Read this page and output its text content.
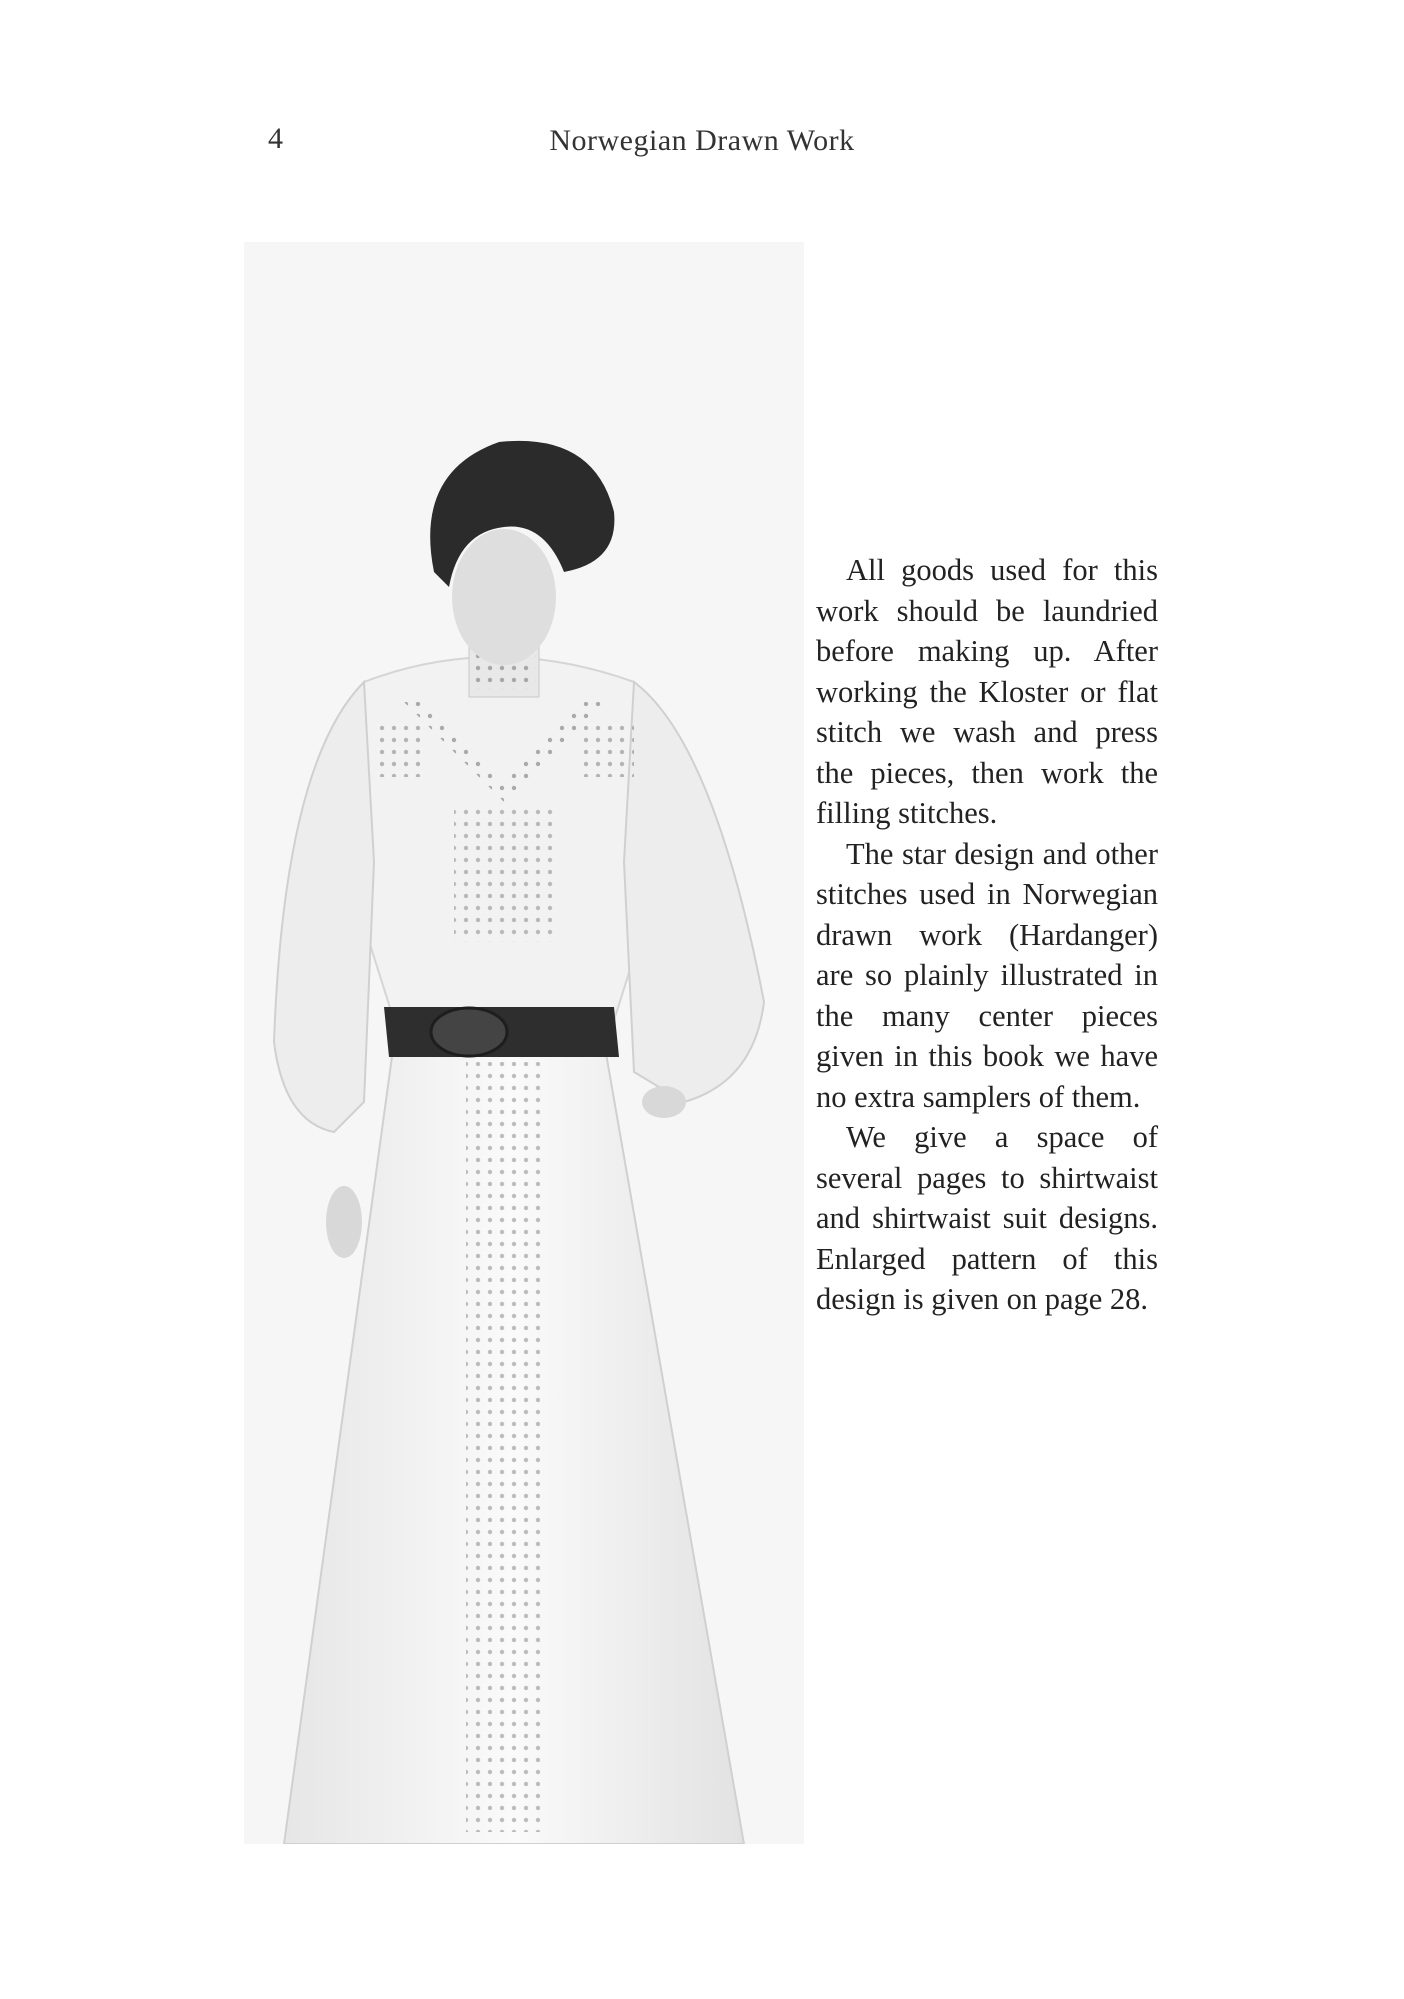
4	Norwegian Drawn Work

All goods used for this work should be laundried before making up. After working the Kloster or flat stitch we wash and press the pieces, then work the filling stitches.

The star design and other stitches used in Norwegian drawn work (Hardanger) are so plainly illustrated in the many center pieces given in this book we have no extra samplers of them.

We give a space of several pages to shirtwaist and shirtwaist suit designs. Enlarged pattern of this design is given on page 28.
